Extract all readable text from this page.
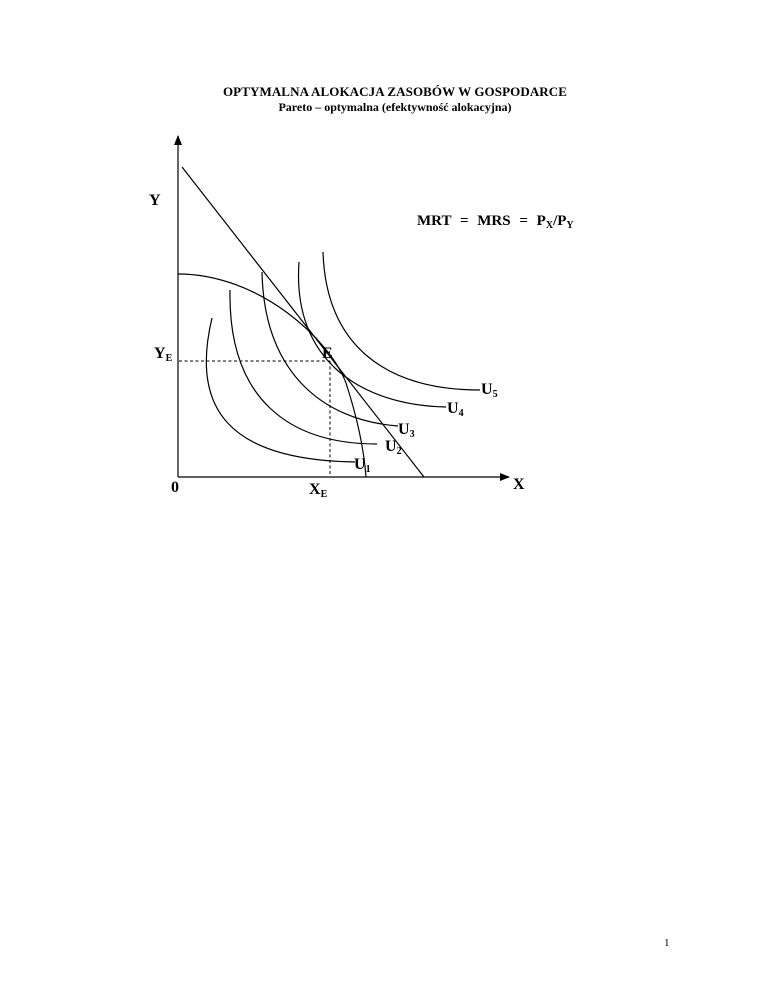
OPTYMALNA ALOKACJA ZASOBÓW W GOSPODARCE
Pareto – optymalna (efektywność alokacyjna)
Y
X
0
MRT = MRS = $P_X/P_Y$
E
YE
XE
U1
U2
U3
U4
U5
1
